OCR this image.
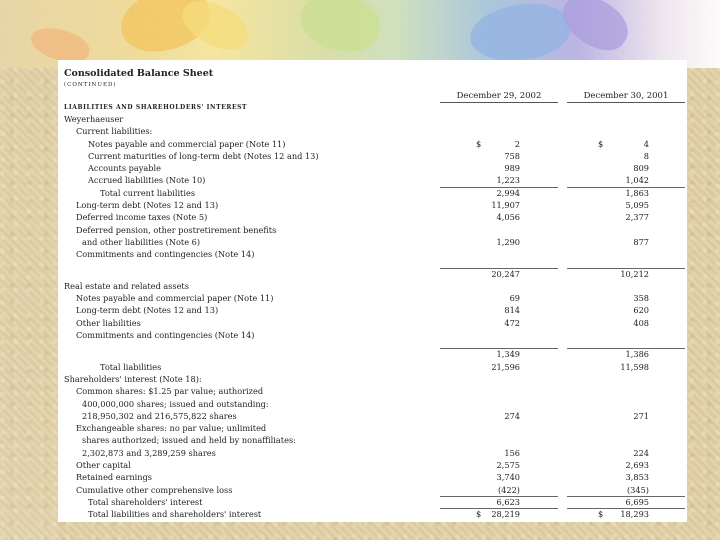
Consolidated Balance Sheet
(CONTINUED)
December 29, 2002	December 30, 2001
LIABILITIES AND SHAREHOLDERS' INTEREST
Weyerhaeuser
Current liabilities:
Notes payable and commercial paper (Note 11)	$	2	$	4
Current maturities of long-term debt (Notes 12 and 13)	758	8
Accounts payable	989	809
Accrued liabilities (Note 10)	1,223	1,042
Total current liabilities	2,994	1,863
Long-term debt (Notes 12 and 13)	11,907	5,095
Deferred income taxes (Note 5)	4,056	2,377
Deferred pension, other postretirement benefits
and other liabilities (Note 6)	1,290	877
Commitments and contingencies (Note 14)
20,247	10,212
Real estate and related assets
Notes payable and commercial paper (Note 11)	69	358
Long-term debt (Notes 12 and 13)	814	620
Other liabilities	472	408
Commitments and contingencies (Note 14)
1,349	1,386
Total liabilities	21,596	11,598
Shareholders' interest (Note 18):
Common shares: $1.25 par value; authorized
400,000,000 shares; issued and outstanding:
218,950,302 and 216,575,822 shares	274	271
Exchangeable shares: no par value; unlimited
shares authorized; issued and held by nonaffiliates:
2,302,873 and 3,289,259 shares	156	224
Other capital	2,575	2,693
Retained earnings	3,740	3,853
Cumulative other comprehensive loss	(422)	(345)
Total shareholders' interest	6,623	6,695
Total liabilities and shareholders' interest	$	28,219	$	18,293
